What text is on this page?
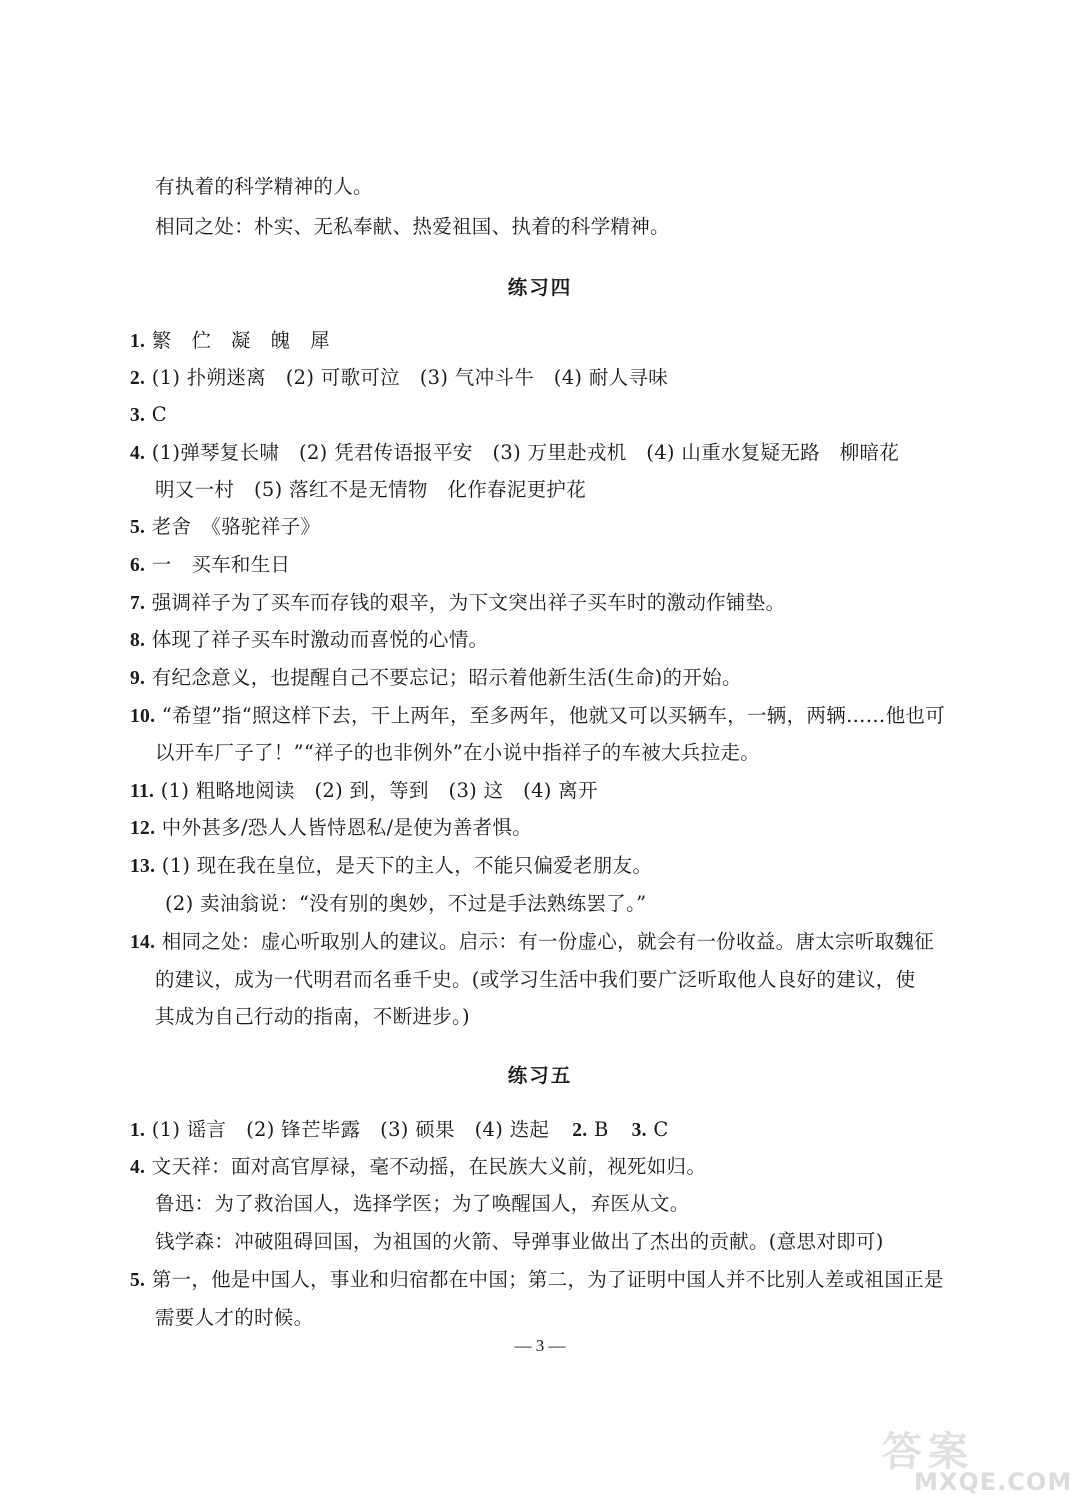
有执着的科学精神的人。
相同之处：朴实、无私奉献、热爱祖国、执着的科学精神。
练习四
1. 繁　伫　凝　魄　犀
2. (1) 扑朔迷离　(2) 可歌可泣　(3) 气冲斗牛　(4) 耐人寻味
3. C
4. (1)弹琴复长啸　(2) 凭君传语报平安　(3) 万里赴戎机　(4) 山重水复疑无路　柳暗花
明又一村　(5) 落红不是无情物　化作春泥更护花
5. 老舍　《骆驼祥子》
6. 一　买车和生日
7. 强调祥子为了买车而存钱的艰辛，为下文突出祥子买车时的激动作铺垫。
8. 体现了祥子买车时激动而喜悦的心情。
9. 有纪念意义，也提醒自己不要忘记；昭示着他新生活(生命)的开始。
10. “希望”指“照这样下去，干上两年，至多两年，他就又可以买辆车，一辆，两辆……他也可
以开车厂子了！”“祥子的也非例外”在小说中指祥子的车被大兵拉走。
11. (1) 粗略地阅读　(2) 到，等到　(3) 这　(4) 离开
12. 中外甚多/恐人人皆恃恩私/是使为善者惧。
13. (1) 现在我在皇位，是天下的主人，不能只偏爱老朋友。
(2) 卖油翁说：“没有别的奥妙，不过是手法熟练罢了。”
14. 相同之处：虚心听取别人的建议。启示：有一份虚心，就会有一份收益。唐太宗听取魏征
的建议，成为一代明君而名垂千史。(或学习生活中我们要广泛听取他人良好的建议，使
其成为自己行动的指南，不断进步。)
练习五
1. (1) 谣言　(2) 锋芒毕露　(3) 硕果　(4) 迭起 2. B 3. C
4. 文天祥：面对高官厚禄，毫不动摇，在民族大义前，视死如归。
鲁迅：为了救治国人，选择学医；为了唤醒国人，弃医从文。
钱学森：冲破阻碍回国，为祖国的火箭、导弹事业做出了杰出的贡献。(意思对即可)
5. 第一，他是中国人，事业和归宿都在中国；第二，为了证明中国人并不比别人差或祖国正是
需要人才的时候。
— 3 —
答案
MXQE.COM
